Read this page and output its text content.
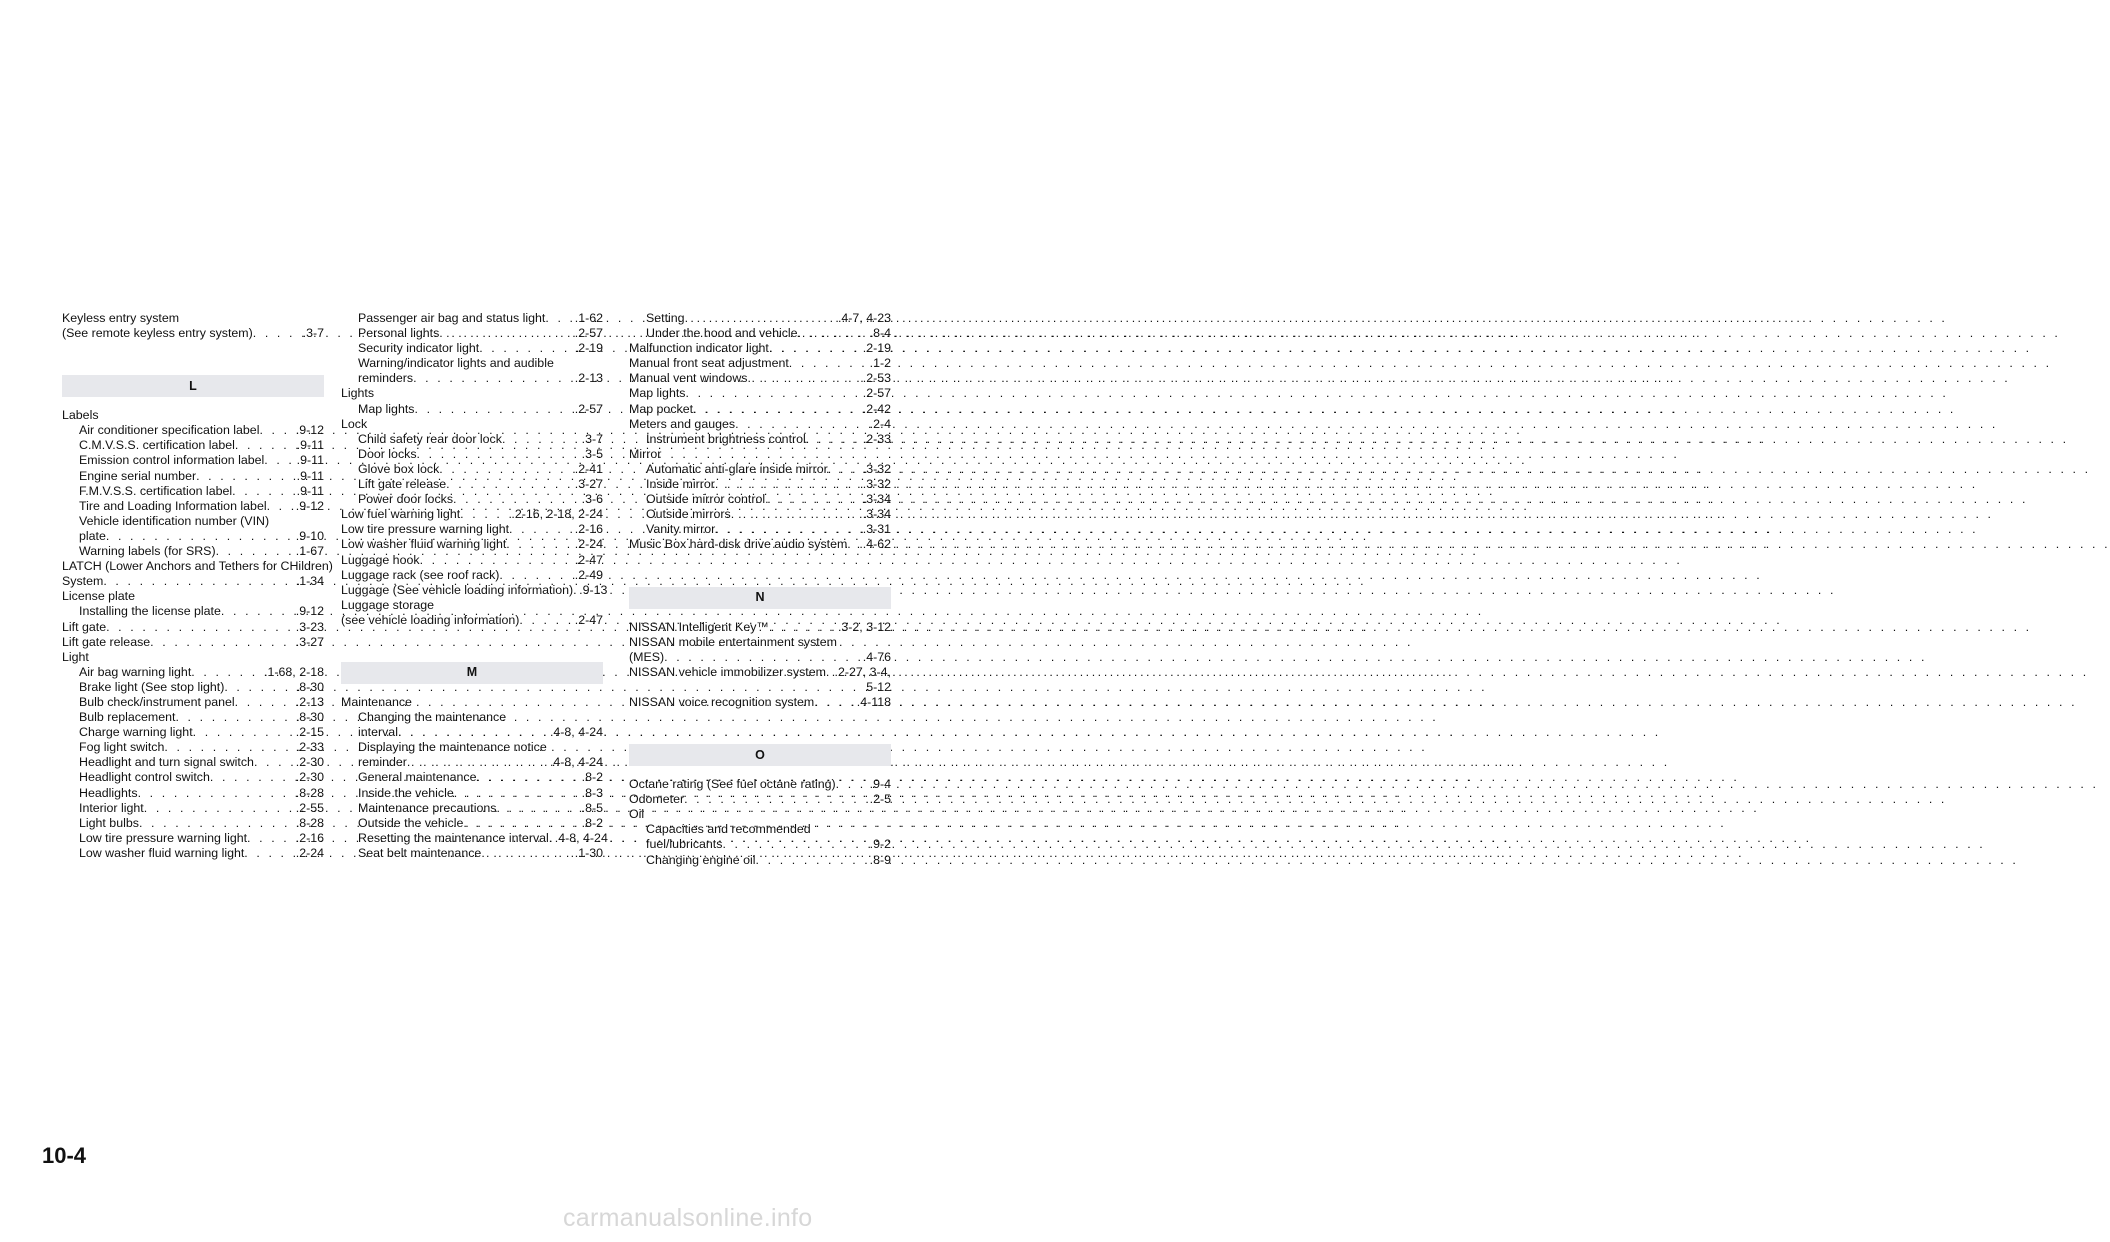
Keyless entry system
(See remote keyless entry system) . . .	.3-7
L
Labels
Air conditioner specification label . . .	.9-12
C.M.V.S.S. certification label . . .	.9-11
Emission control information label . . .	.9-11
Engine serial number . . .	.9-11
F.M.V.S.S. certification label . . .	.9-11
Tire and Loading Information label . . . .9-12
Vehicle identification number (VIN)
plate . . .	.9-10
Warning labels (for SRS) . . .	.1-67
LATCH (Lower Anchors and Tethers for CHildren)
System . . .	.1-34
License plate
Installing the license plate . . .	.9-12
Lift gate . . .	.3-23
Lift gate release . . .	.3-27
Light
Air bag warning light . . .	.1-68, 2-18
Brake light (See stop light) . . .	.8-30
Bulb check/instrument panel . . .	.2-13
Bulb replacement . . .	.8-30
Charge warning light . . .	.2-15
Fog light switch . . .	.2-33
Headlight and turn signal switch . . .	.2-30
Headlight control switch . . .	.2-30
Headlights . . .	.8-28
Interior light . . .	.2-55
Light bulbs . . .	.8-28
Low tire pressure warning light . . .	.2-16
Low washer fluid warning light . . .	.2-24
Passenger air bag and status light . . . .1-62
Personal lights . . .	.2-57
Security indicator light . . .	.2-19
Warning/indicator lights and audible
reminders . . .	.2-13
Lights
Map lights . . .	.2-57
Lock
Child safety rear door lock . . .	.3-7
Door locks . . .	.3-5
Glove box lock . . .	.2-41
Lift gate release . . .	.3-27
Power door locks . . .	.3-6
Low fuel warning light . . .	.2-16, 2-18, 2-24
Low tire pressure warning light . . .	.2-16
Low washer fluid warning light . . .	.2-24
Luggage hook . . .	.2-47
Luggage rack (see roof rack) . . .	.2-49
Luggage (See vehicle loading information) . . . .9-13
Luggage storage
(see vehicle loading information) . . .	.2-47
M
Maintenance
Changing the maintenance
interval . . .	.4-8, 4-24
Displaying the maintenance notice
reminder . . .	.4-8, 4-24
General maintenance . . .	.8-2
Inside the vehicle . . .	.8-3
Maintenance precautions . . .	.8-5
Outside the vehicle . . .	.8-2
Resetting the maintenance interval . . . .4-8, 4-24
Seat belt maintenance . . .	.1-30
Setting . . .	.4-7, 4-23
Under the hood and vehicle . . .	.8-4
Malfunction indicator light . . .	.2-19
Manual front seat adjustment . . .	.1-2
Manual vent windows . . .	.2-53
Map lights . . .	.2-57
Map pocket . . .	.2-42
Meters and gauges . . .	.2-4
Instrument brightness control . . .	.2-33
Mirror
Automatic anti-glare inside mirror . . .	.3-32
Inside mirror . . .	.3-32
Outside mirror control . . .	.3-34
Outside mirrors . . .	.3-34
Vanity mirror . . .	.3-31
Music Box hard-disk drive audio system . . . .4-62
N
NISSAN Intelligent Key™ . . .	.3-2, 3-12
NISSAN mobile entertainment system
(MES) . . .	.4-76
NISSAN vehicle immobilizer system . . . .2-27, 3-4,
5-12
NISSAN voice recognition system . . .	.4-118
O
Octane rating (See fuel octane rating) . . .	.9-4
Odometer . . .	.2-5
Oil
Capacities and recommended
fuel/lubricants . . .	.9-2
Changing engine oil . . .	.8-9
10-4
carmanualsonline.info
